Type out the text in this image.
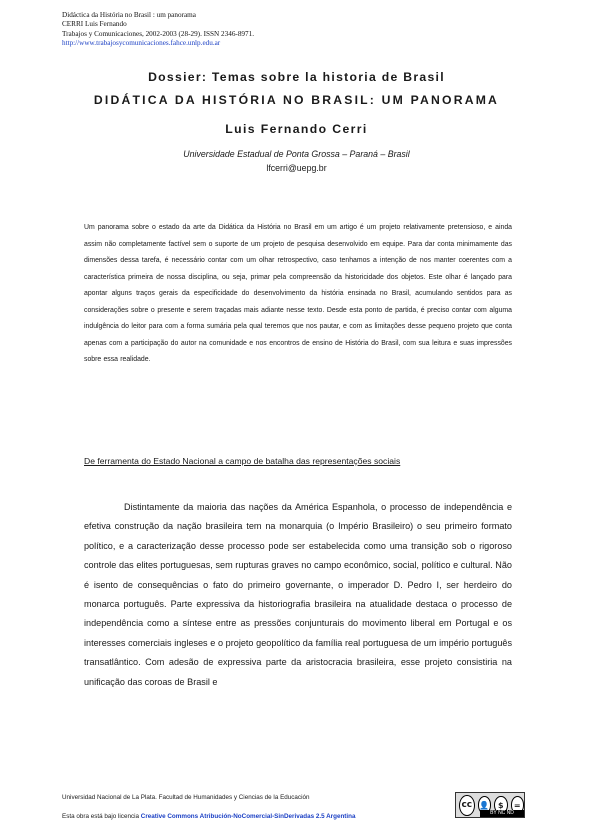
Didáctica da História no Brasil : um panorama
CERRI Luis Fernando
Trabajos y Comunicaciones, 2002-2003 (28-29). ISSN 2346-8971.
http://www.trabajosycomunicaciones.fahce.unlp.edu.ar
Dossier: Temas sobre la historia de Brasil
DIDÁTICA DA HISTÓRIA NO BRASIL: UM PANORAMA
Luis Fernando Cerri
Universidade Estadual de Ponta Grossa – Paraná – Brasil
lfcerri@uepg.br
Um panorama sobre o estado da arte da Didática da História no Brasil em um artigo é um projeto relativamente pretensioso, e ainda assim não completamente factível sem o suporte de um projeto de pesquisa desenvolvido em equipe. Para dar conta minimamente das dimensões dessa tarefa, é necessário contar com um olhar retrospectivo, caso tenhamos a intenção de nos manter coerentes com a característica primeira de nossa disciplina, ou seja, primar pela compreensão da historicidade dos objetos. Este olhar é lançado para apontar alguns traços gerais da especificidade do desenvolvimento da história ensinada no Brasil, acumulando sentidos para as considerações sobre o presente e serem traçadas mais adiante nesse texto. Desde esta ponto de partida, é preciso contar com alguma indulgência do leitor para com a forma sumária pela qual teremos que nos pautar, e com as limitações desse pequeno projeto que conta apenas com a participação do autor na comunidade e nos encontros de ensino de História do Brasil, com sua leitura e suas impressões sobre essa realidade.
De ferramenta do Estado Nacional a campo de batalha das representações sociais
Distintamente da maioria das nações da América Espanhola, o processo de independência e efetiva construção da nação brasileira tem na monarquia (o Império Brasileiro) o seu primeiro formato político, e a caracterização desse processo pode ser estabelecida como uma transição sob o rigoroso controle das elites portuguesas, sem rupturas graves no campo econômico, social, político e cultural. Não é isento de consequências o fato do primeiro governante, o imperador D. Pedro I, ser herdeiro do monarca português. Parte expressiva da historiografia brasileira na atualidade destaca o processo de independência como a síntese entre as pressões conjunturais do movimento liberal em Portugal e os interesses comerciais ingleses e o projeto geopolítico da família real portuguesa de um império português transatlântico. Com adesão de expressiva parte da aristocracia brasileira, esse projeto consistiria na unificação das coroas de Brasil e
Universidad Nacional de La Plata. Facultad de Humanidades y Ciencias de la Educación
Esta obra está bajo licencia Creative Commons Atribución-NoComercial-SinDerivadas 2.5 Argentina
cc 👤	$	=
BY NC ND
